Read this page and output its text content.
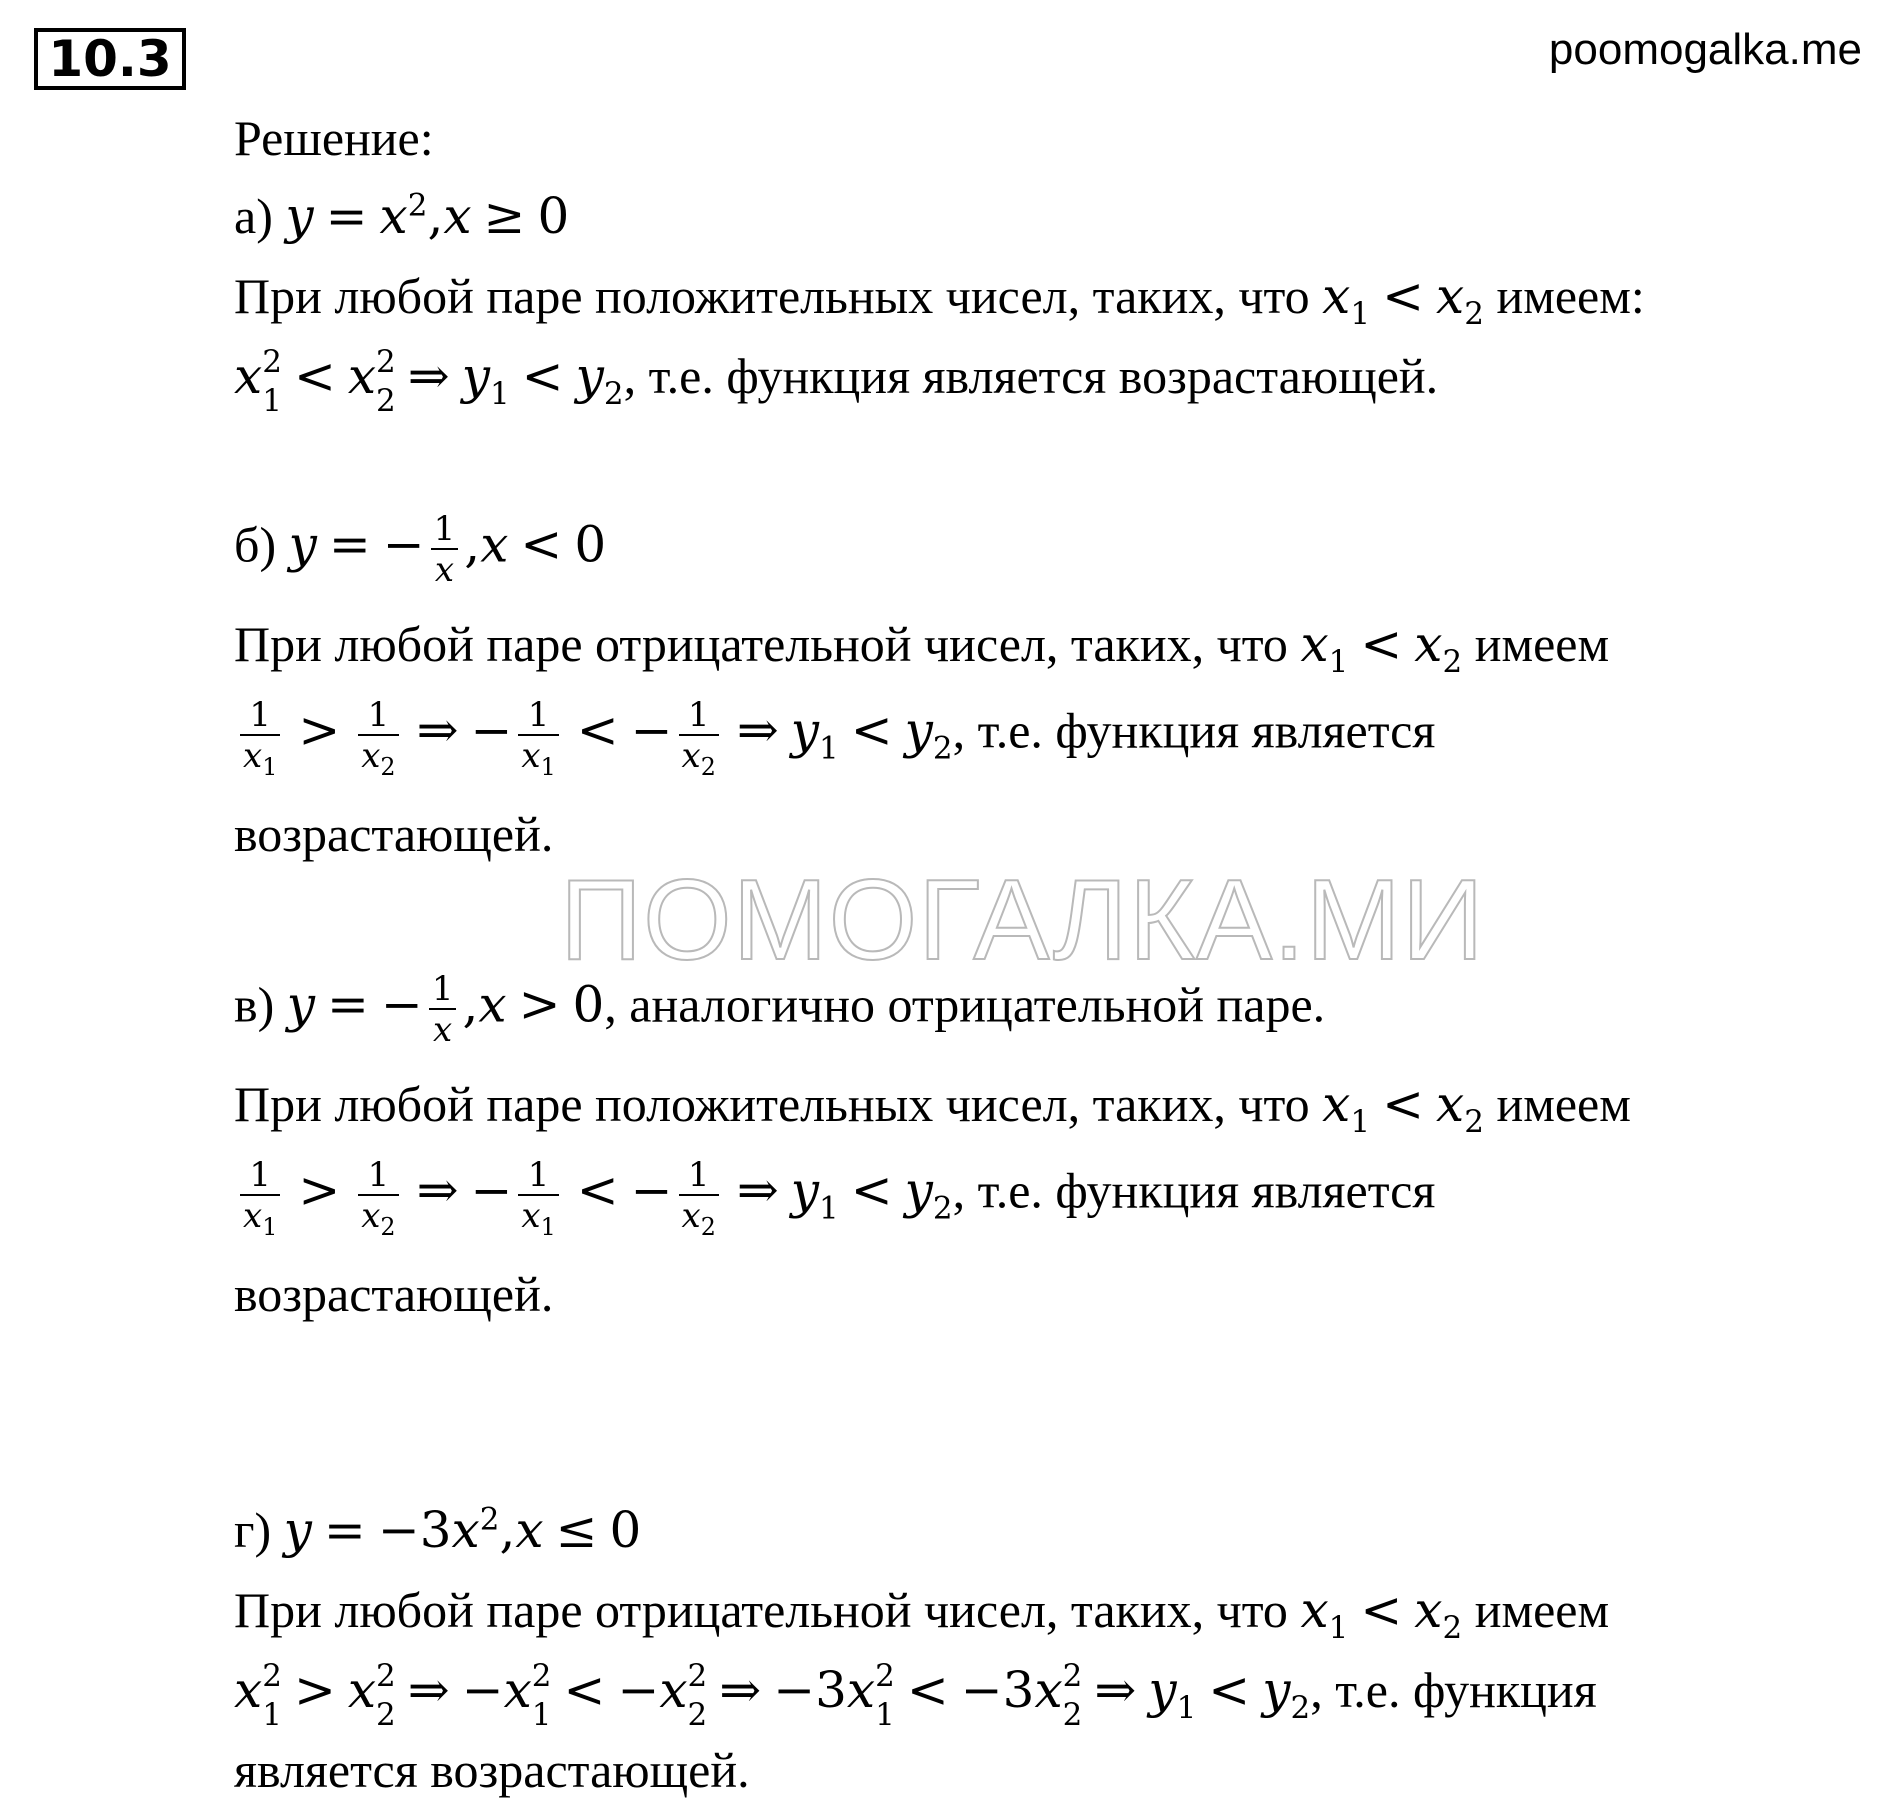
10.3	poomogalka.me
ПОМОГАЛКА.МИ
Решение:
а) $y = x^2,x \ge 0$
При любой паре положительных чисел, таких, что $x_1 < x_2$ имеем:
x 2
1 < x 2
2 ⇒ $y_1 < y_2$, т.е. функция является возрастающей.
б) y = − $\frac{1}{x} ,x < 0$
При любой паре отрицательной чисел, таких, что $x_1 < x_2$ имеем
$\frac{1}{x_1} > \frac{1}{x_2}$ ⇒ − $\frac{1}{x_1}$ < − $\frac{1}{x_2}$ ⇒ $y_1 < y_2$, т.е. функция является
возрастающей.
в) y = − $\frac{1}{x} ,x > 0$, аналогично отрицательной паре.
При любой паре положительных чисел, таких, что $x_1 < x_2$ имеем
$\frac{1}{x_1} > \frac{1}{x_2}$ ⇒ − $\frac{1}{x_1}$ < − $\frac{1}{x_2}$ ⇒ $y_1 < y_2$, т.е. функция является
возрастающей.
г) $y = -3x^2,x \le 0$
При любой паре отрицательной чисел, таких, что $x_1 < x_2$ имеем
x 2
1 > x 2
2 ⇒ −x 2
1 < −x 2
2 ⇒ −3x 2
1 < −3x 2
2 ⇒ $y_1 < y_2$, т.е. функция
является возрастающей.
